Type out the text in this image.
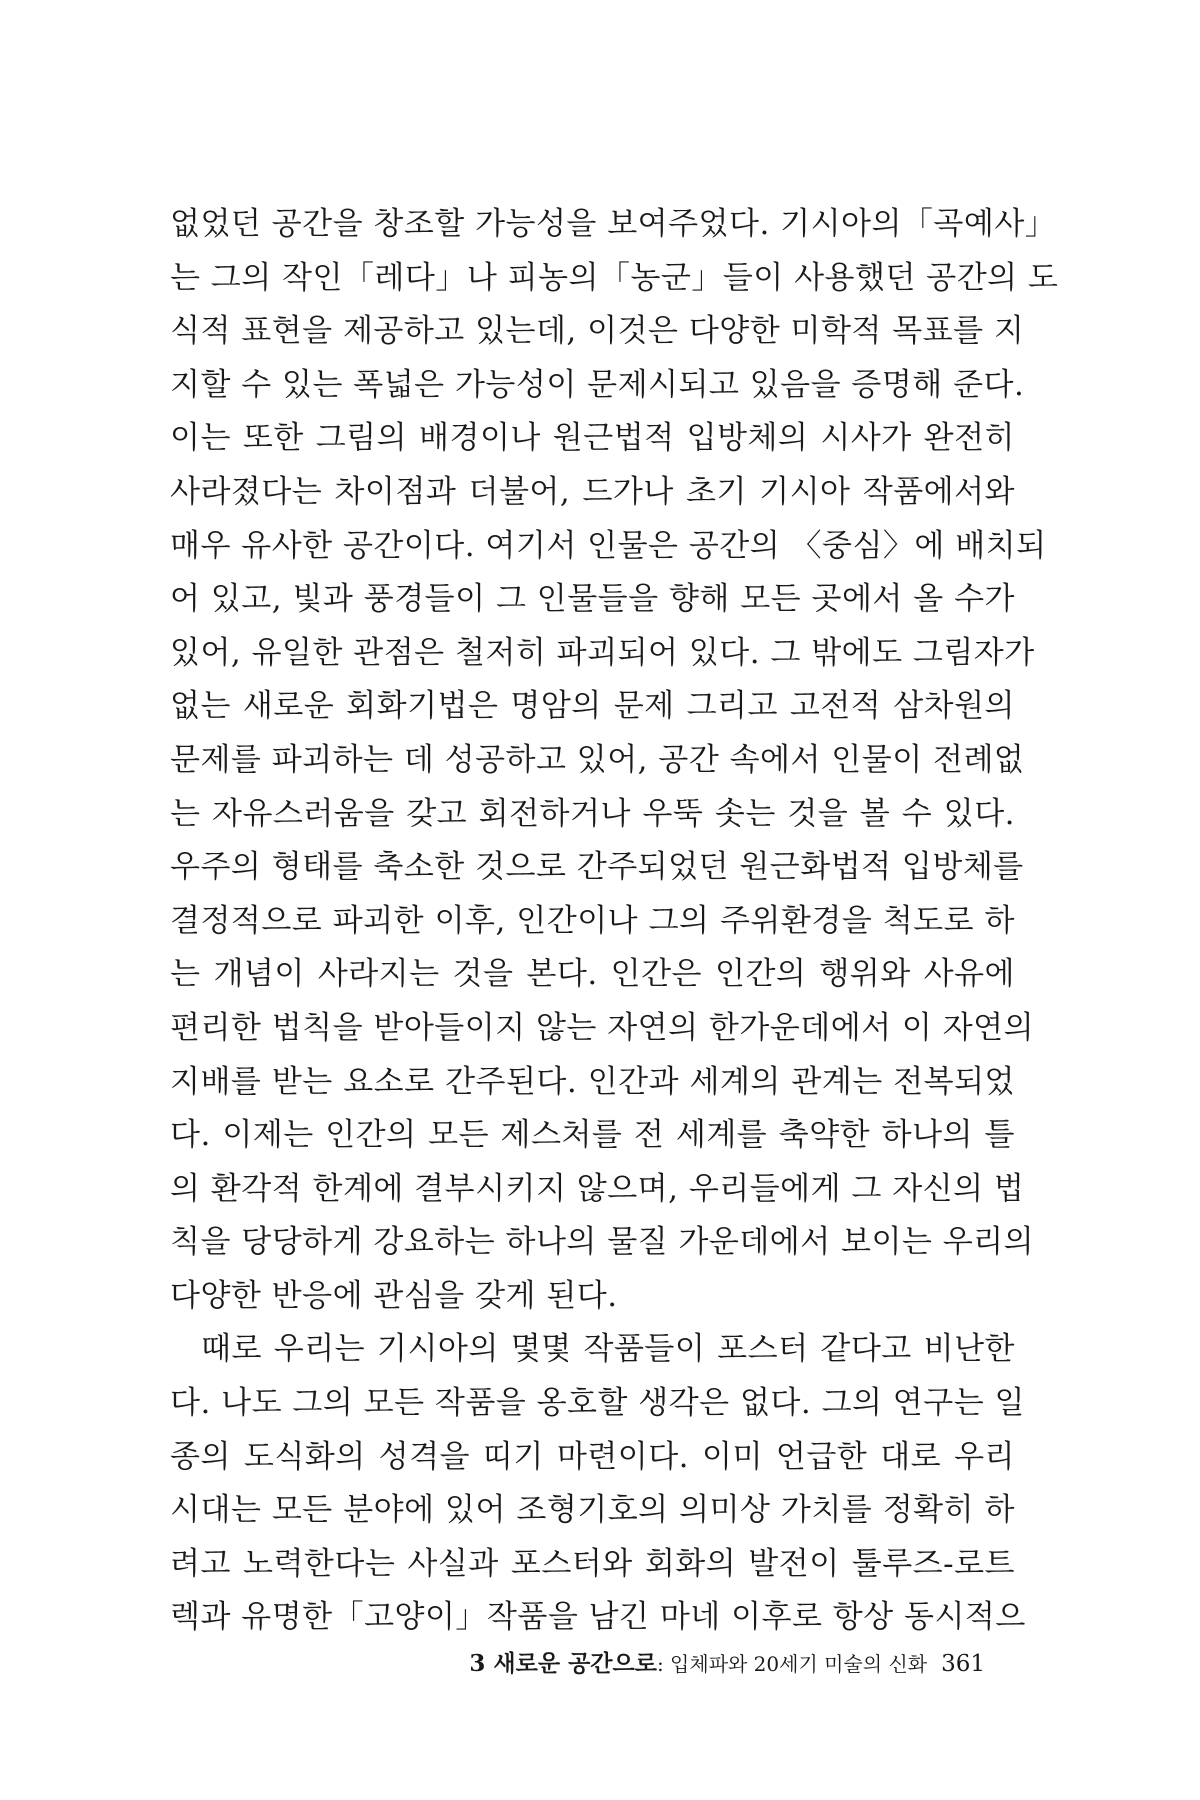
없었던 공간을 창조할 가능성을 보여주었다. 기시아의「곡예사」
는 그의 작인「레다」나 피농의「농군」들이 사용했던 공간의 도
식적 표현을 제공하고 있는데, 이것은 다양한 미학적 목표를 지
지할 수 있는 폭넓은 가능성이 문제시되고 있음을 증명해 준다.
이는 또한 그림의 배경이나 원근법적 입방체의 시사가 완전히
사라졌다는 차이점과 더불어, 드가나 초기 기시아 작품에서와
매우 유사한 공간이다. 여기서 인물은 공간의 〈중심〉에 배치되
어 있고, 빛과 풍경들이 그 인물들을 향해 모든 곳에서 올 수가
있어, 유일한 관점은 철저히 파괴되어 있다. 그 밖에도 그림자가
없는 새로운 회화기법은 명암의 문제 그리고 고전적 삼차원의
문제를 파괴하는 데 성공하고 있어, 공간 속에서 인물이 전례없
는 자유스러움을 갖고 회전하거나 우뚝 솟는 것을 볼 수 있다.
우주의 형태를 축소한 것으로 간주되었던 원근화법적 입방체를
결정적으로 파괴한 이후, 인간이나 그의 주위환경을 척도로 하
는 개념이 사라지는 것을 본다. 인간은 인간의 행위와 사유에
편리한 법칙을 받아들이지 않는 자연의 한가운데에서 이 자연의
지배를 받는 요소로 간주된다. 인간과 세계의 관계는 전복되었
다. 이제는 인간의 모든 제스처를 전 세계를 축약한 하나의 틀
의 환각적 한계에 결부시키지 않으며, 우리들에게 그 자신의 법
칙을 당당하게 강요하는 하나의 물질 가운데에서 보이는 우리의
다양한 반응에 관심을 갖게 된다.
때로 우리는 기시아의 몇몇 작품들이 포스터 같다고 비난한
다. 나도 그의 모든 작품을 옹호할 생각은 없다. 그의 연구는 일
종의 도식화의 성격을 띠기 마련이다. 이미 언급한 대로 우리
시대는 모든 분야에 있어 조형기호의 의미상 가치를 정확히 하
려고 노력한다는 사실과 포스터와 회화의 발전이 툴루즈-로트
렉과 유명한「고양이」작품을 남긴 마네 이후로 항상 동시적으
3 새로운 공간으로: 입체파와 20세기 미술의 신화 361
